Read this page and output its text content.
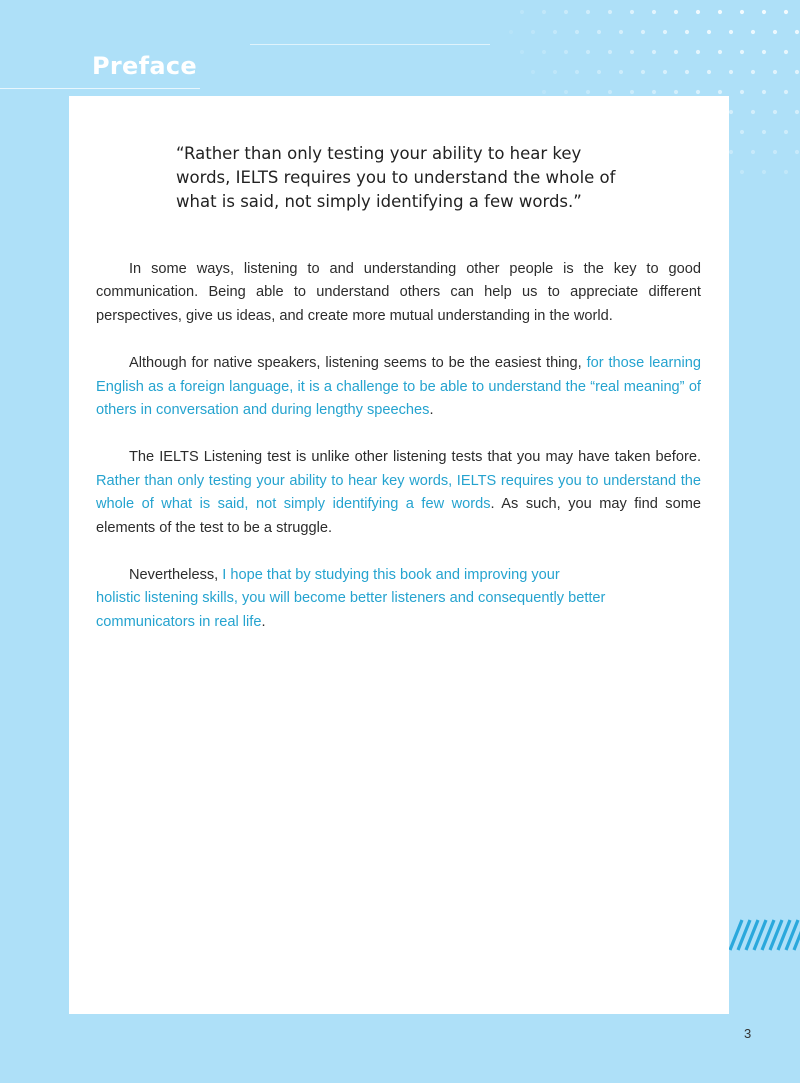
Preface

“Rather than only testing your ability to hear key words, IELTS requires you to understand the whole of what is said, not simply identifying a few words.”

In some ways, listening to and understanding other people is the key to good communication. Being able to understand others can help us to appreciate different perspectives, give us ideas, and create more mutual understanding in the world.

Although for native speakers, listening seems to be the easiest thing, for those learning English as a foreign language, it is a challenge to be able to understand the “real meaning” of others in conversation and during lengthy speeches.

The IELTS Listening test is unlike other listening tests that you may have taken before. Rather than only testing your ability to hear key words, IELTS requires you to understand the whole of what is said, not simply identifying a few words. As such, you may find some elements of the test to be a struggle.

Nevertheless, I hope that by studying this book and improving your
holistic listening skills, you will become better listeners and consequently better communicators in real life.

3
